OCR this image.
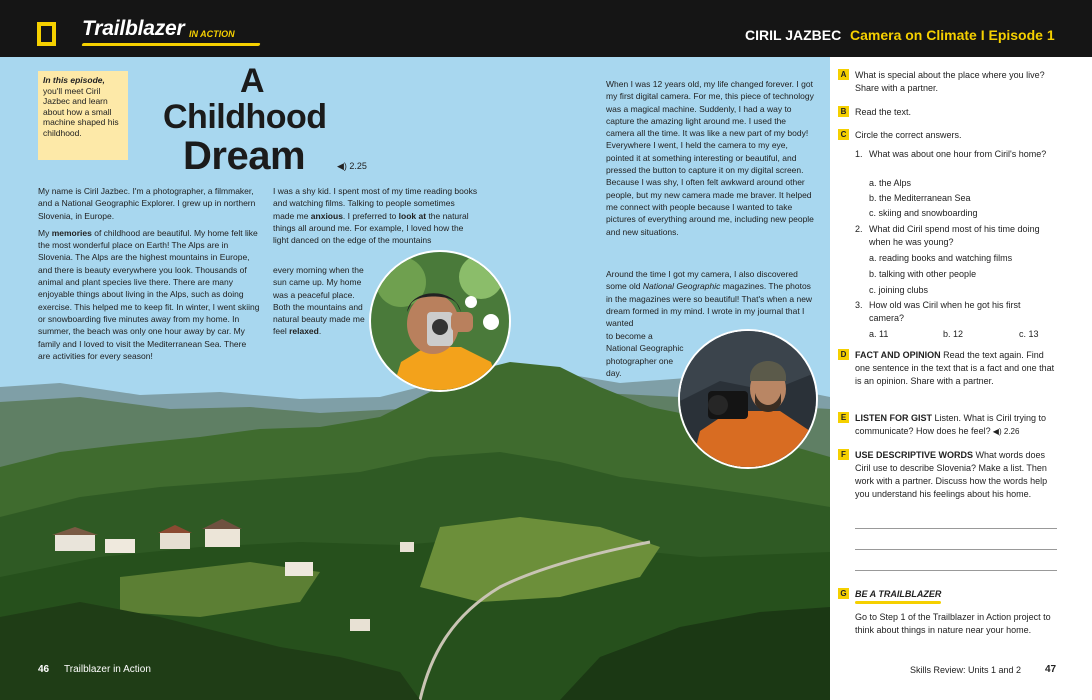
Trailblazer IN ACTION	CIRIL JAZBEC Camera on Climate I Episode 1
In this episode, you'll meet Ciril Jazbec and learn about how a small machine shaped his childhood.
A
Childhood
Dream	◀) 2.25

My name is Ciril Jazbec. I'm a photographer, a filmmaker, and a National Geographic Explorer. I grew up in northern Slovenia, in Europe.

My memories of childhood are beautiful. My home felt like the most wonderful place on Earth! The Alps are in Slovenia. The Alps are the highest mountains in Europe, and there is beauty everywhere you look. Thousands of animal and plant species live there. There are many enjoyable things about living in the Alps, such as doing exercise. This helped me to keep fit. In winter, I went skiing or snowboarding five minutes away from my home. In summer, the beach was only one hour away by car. My family and I loved to visit the Mediterranean Sea. There are activities for every season!

I was a shy kid. I spent most of my time reading books and watching films. Talking to people sometimes made me anxious. I preferred to look at the natural things all around me. For example, I loved how the light danced on the edge of the mountains

every morning when the sun came up. My home was a peaceful place. Both the mountains and natural beauty made me feel relaxed.

When I was 12 years old, my life changed forever. I got my first digital camera. For me, this piece of technology was a magical machine. Suddenly, I had a way to capture the amazing light around me. I used the camera all the time. It was like a new part of my body! Everywhere I went, I held the camera to my eye, pointed it at something interesting or beautiful, and pressed the button to capture it on my digital screen. Because I was shy, I often felt awkward around other people, but my new camera made me braver. It helped me connect with people because I wanted to take pictures of everything around me, including new people and new situations.

Around the time I got my camera, I also discovered some old National Geographic magazines. The photos in the magazines were so beautiful! That's when a new dream formed in my mind. I wrote in my journal that I wanted

to become a National Geographic photographer one day.

46 Trailblazer in Action
A What is special about the place where you live? Share with a partner.
B Read the text.
C Circle the correct answers.
1. What was about one hour from Ciril's home?
a. the Alps
b. the Mediterranean Sea
c. skiing and snowboarding
2. What did Ciril spend most of his time doing when he was young?
a. reading books and watching films
b. talking with other people
c. joining clubs
3. How old was Ciril when he got his first camera?
a. 11	b. 12	c. 13
D FACT AND OPINION Read the text again. Find one sentence in the text that is a fact and one that is an opinion. Share with a partner.
E LISTEN FOR GIST Listen. What is Ciril trying to communicate? How does he feel? ◀) 2.26
F	USE DESCRIPTIVE WORDS What words does Ciril use to describe Slovenia? Make a list. Then work with a partner. Discuss how the words help you understand his feelings about his home.
G BE A TRAILBLAZER
Go to Step 1 of the Trailblazer in Action project to think about things in nature near your home.
Skills Review: Units 1 and 2 47
